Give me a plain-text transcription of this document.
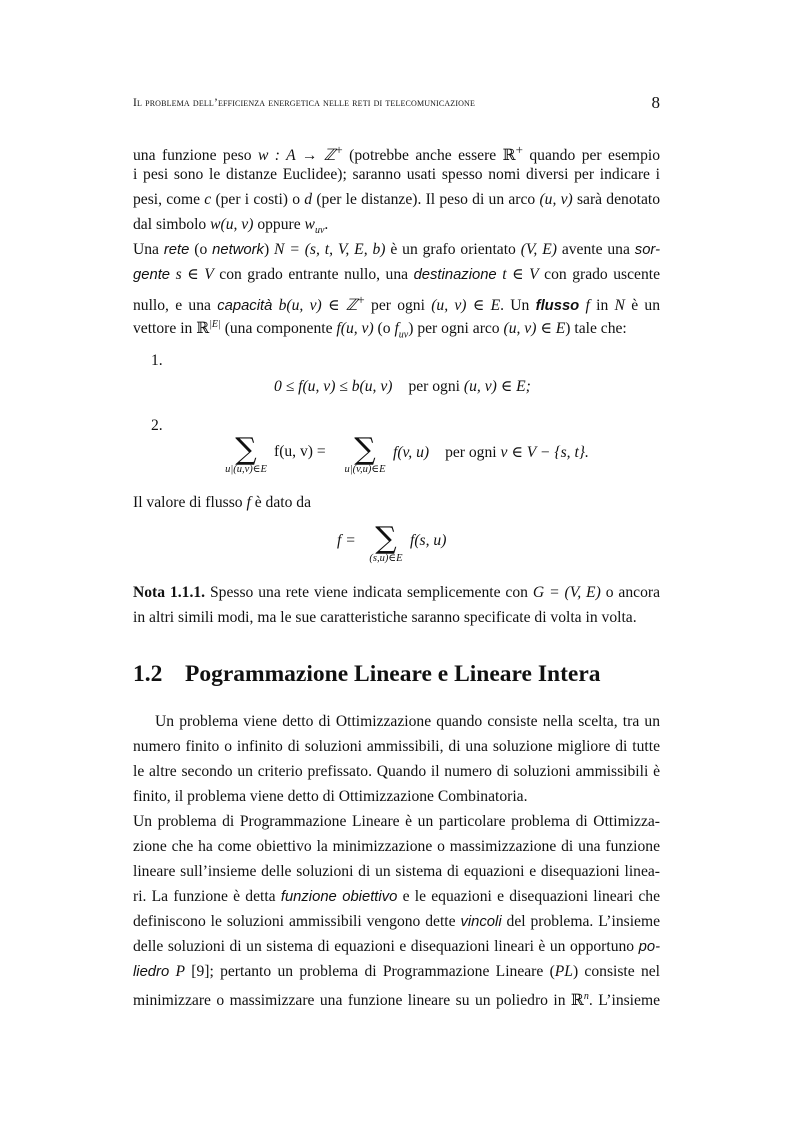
Il problema dell’efficienza energetica nelle reti di telecomunicazione	8
una funzione peso w : A → ℤ+ (potrebbe anche essere ℝ+ quando per esempio
i pesi sono le distanze Euclidee); saranno usati spesso nomi diversi per indicare i
pesi, come c (per i costi) o d (per le distanze). Il peso di un arco (u, v) sarà denotato
dal simbolo w(u, v) oppure $w_{uv}$.
Una rete (o network) N = (s, t, V, E, b) è un grafo orientato (V, E) avente una sor-
gente s ∈ V con grado entrante nullo, una destinazione t ∈ V con grado uscente
nullo, e una capacità b(u, v) ∈ ℤ+ per ogni (u, v) ∈ E. Un flusso f in N è un
vettore in ℝ$^{|E|}$ (una componente f(u, v) (o $f_{uv}$) per ogni arco (u, v) ∈ E) tale che:
1.
0 ≤ f(u, v) ≤ b(u, v) per ogni (u, v) ∈ E;
2.
∑
u|(u,v)∈E
f(u, v) = ∑
u|(v,u)∈E
f(v, u) per ogni v ∈ V − {s, t}.
Il valore di flusso f è dato da
f = ∑
(s,u)∈E
f(s, u)
Nota 1.1.1. Spesso una rete viene indicata semplicemente con G = (V, E) o ancora
in altri simili modi, ma le sue caratteristiche saranno specificate di volta in volta.
1.2 Pogrammazione Lineare e Lineare Intera
Un problema viene detto di Ottimizzazione quando consiste nella scelta, tra un
numero finito o infinito di soluzioni ammissibili, di una soluzione migliore di tutte
le altre secondo un criterio prefissato. Quando il numero di soluzioni ammissibili è
finito, il problema viene detto di Ottimizzazione Combinatoria.
Un problema di Programmazione Lineare è un particolare problema di Ottimizza-
zione che ha come obiettivo la minimizzazione o massimizzazione di una funzione
lineare sull’insieme delle soluzioni di un sistema di equazioni e disequazioni linea-
ri. La funzione è detta funzione obiettivo e le equazioni e disequazioni lineari che
definiscono le soluzioni ammissibili vengono dette vincoli del problema. L’insieme
delle soluzioni di un sistema di equazioni e disequazioni lineari è un opportuno po-
liedro P [9]; pertanto un problema di Programmazione Lineare (PL) consiste nel
minimizzare o massimizzare una funzione lineare su un poliedro in ℝ$^n$. L’insieme
